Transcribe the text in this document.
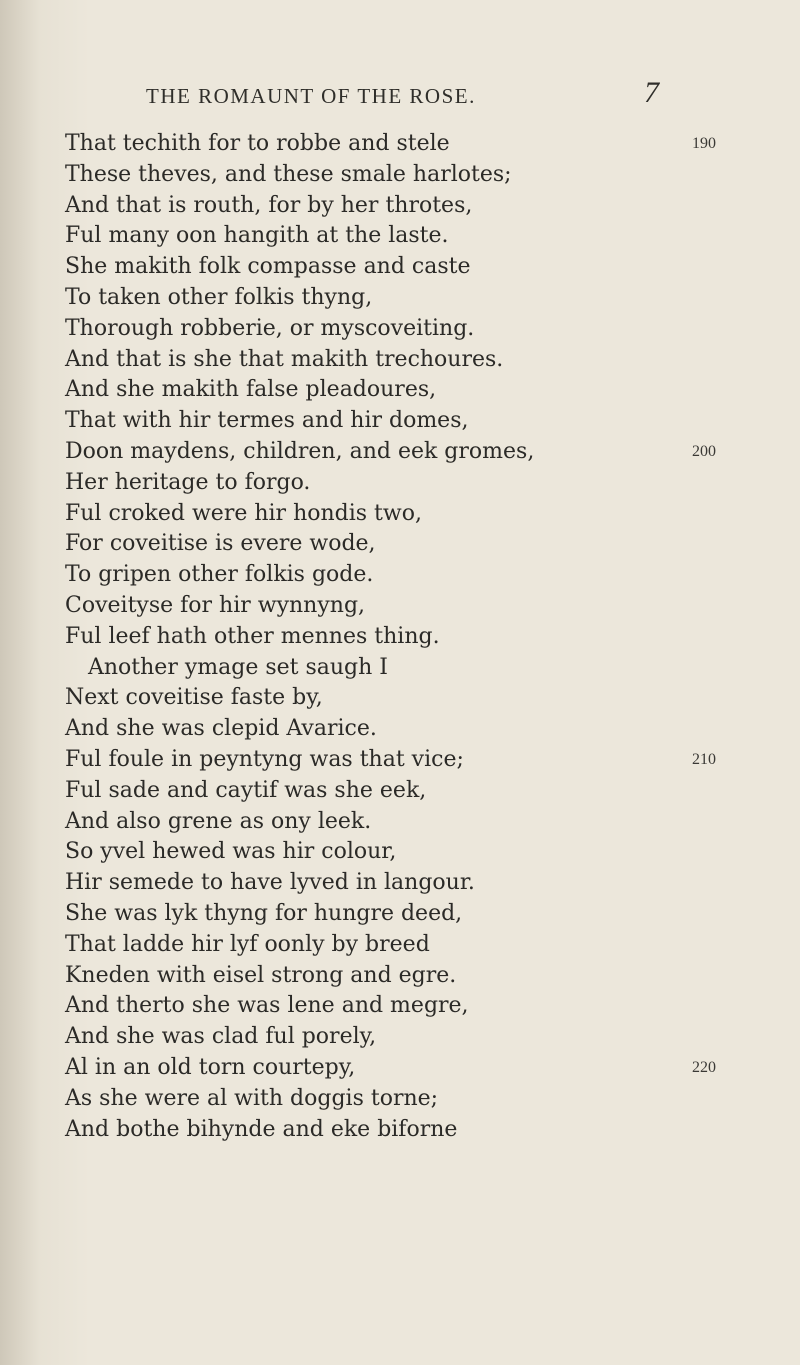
THE ROMAUNT OF THE ROSE.	7
That techith for to robbe and stele	190
These theves, and these smale harlotes;
And that is routh, for by her throtes,
Ful many oon hangith at the laste.
She makith folk compasse and caste
To taken other folkis thyng,
Thorough robberie, or myscoveiting.
And that is she that makith trechoures.
And she makith false pleadoures,
That with hir termes and hir domes,
Doon maydens, children, and eek gromes,	200
Her heritage to forgo.
Ful croked were hir hondis two,
For coveitise is evere wode,
To gripen other folkis gode.
Coveityse for hir wynnyng,
Ful leef hath other mennes thing.
Another ymage set saugh I
Next coveitise faste by,
And she was clepid Avarice.
Ful foule in peyntyng was that vice;	210
Ful sade and caytif was she eek,
And also grene as ony leek.
So yvel hewed was hir colour,
Hir semede to have lyved in langour.
She was lyk thyng for hungre deed,
That ladde hir lyf oonly by breed
Kneden with eisel strong and egre.
And therto she was lene and megre,
And she was clad ful porely,
Al in an old torn courtepy,	220
As she were al with doggis torne;
And bothe bihynde and eke biforne
